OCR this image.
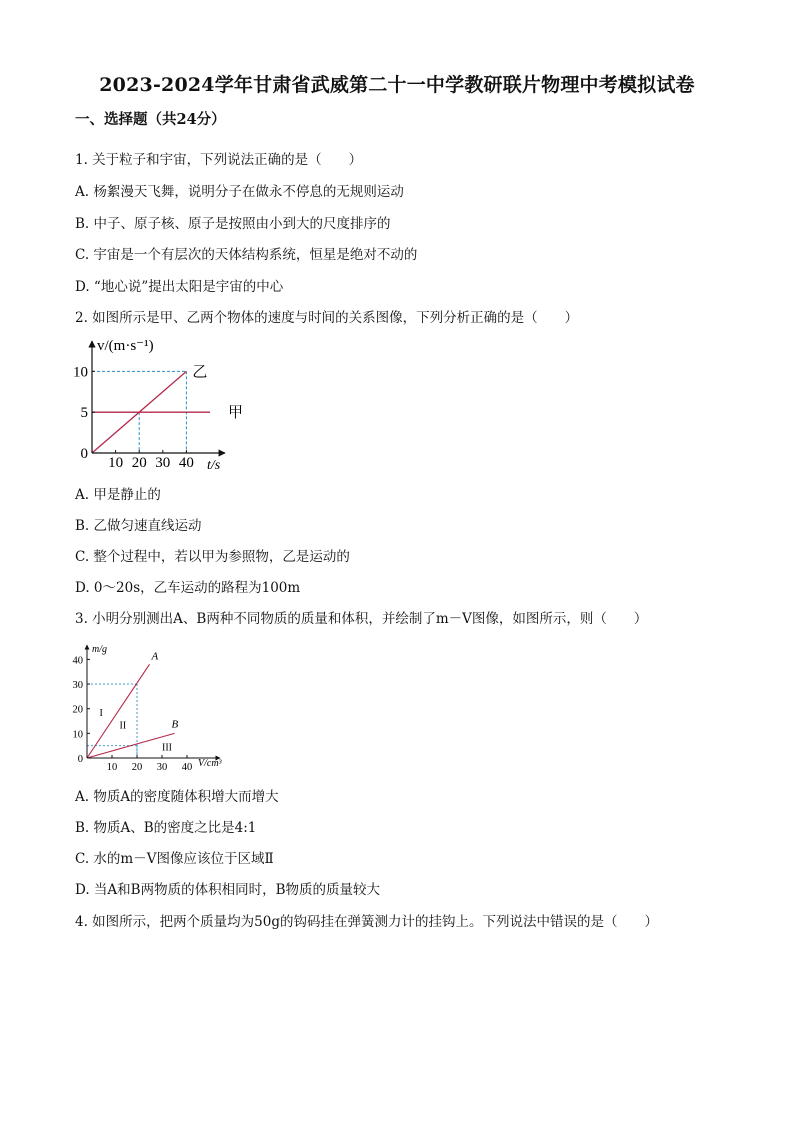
2023-2024学年甘肃省武威第二十一中学教研联片物理中考模拟试卷
一、选择题（共24分）
1. 关于粒子和宇宙，下列说法正确的是（　　）
A. 杨絮漫天飞舞，说明分子在做永不停息的无规则运动
B. 中子、原子核、原子是按照由小到大的尺度排序的
C. 宇宙是一个有层次的天体结构系统，恒星是绝对不动的
D. “地心说”提出太阳是宇宙的中心
2. 如图所示是甲、乙两个物体的速度与时间的关系图像，下列分析正确的是（　　）
10 20 30 40
0
5
10
v/(m·s⁻¹)
t/s
甲
乙
A. 甲是静止的
B. 乙做匀速直线运动
C. 整个过程中，若以甲为参照物，乙是运动的
D. 0～20s，乙车运动的路程为100m
3. 小明分别测出A、B两种不同物质的质量和体积，并绘制了m－V图像，如图所示，则（　　）
10 20 30 40
0
10
20
30
40
m/g
V/cm³
A
B
I
II
III
A. 物质A的密度随体积增大而增大
B. 物质A、B的密度之比是4:1
C. 水的m－V图像应该位于区域Ⅱ
D. 当A和B两物质的体积相同时，B物质的质量较大
4. 如图所示，把两个质量均为50g的钩码挂在弹簧测力计的挂钩上。下列说法中错误的是（　　）
